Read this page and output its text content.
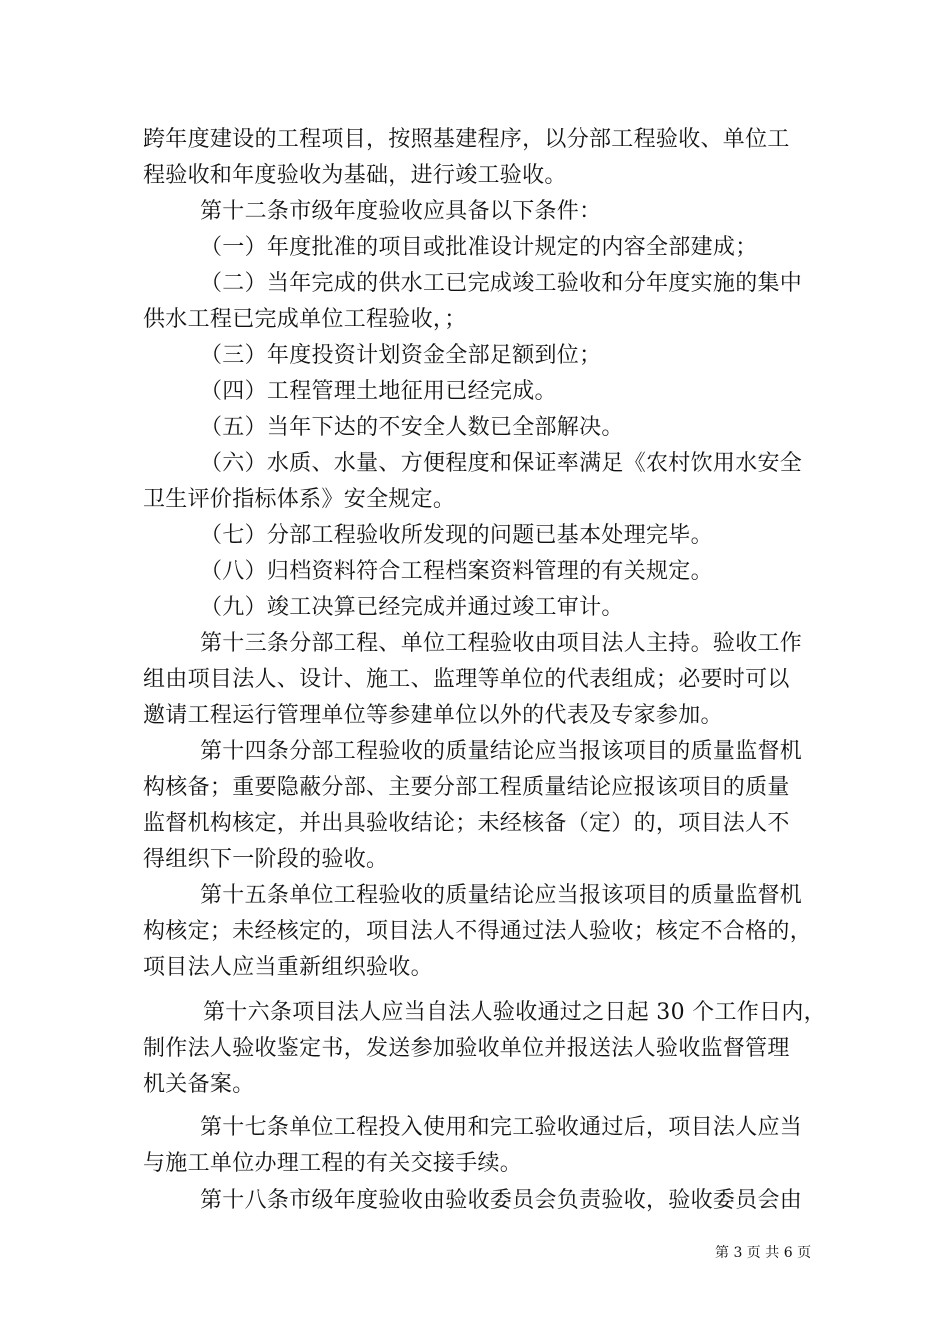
跨年度建设的工程项目，按照基建程序，以分部工程验收、单位工
程验收和年度验收为基础，进行竣工验收。
第十二条市级年度验收应具备以下条件：
（一）年度批准的项目或批准设计规定的内容全部建成；
（二）当年完成的供水工已完成竣工验收和分年度实施的集中
供水工程已完成单位工程验收，；
（三）年度投资计划资金全部足额到位；
（四）工程管理土地征用已经完成。
（五）当年下达的不安全人数已全部解决。
（六）水质、水量、方便程度和保证率满足《农村饮用水安全
卫生评价指标体系》安全规定。
（七）分部工程验收所发现的问题已基本处理完毕。
（八）归档资料符合工程档案资料管理的有关规定。
（九）竣工决算已经完成并通过竣工审计。
第十三条分部工程、单位工程验收由项目法人主持。验收工作
组由项目法人、设计、施工、监理等单位的代表组成；必要时可以
邀请工程运行管理单位等参建单位以外的代表及专家参加。
第十四条分部工程验收的质量结论应当报该项目的质量监督机
构核备；重要隐蔽分部、主要分部工程质量结论应报该项目的质量
监督机构核定，并出具验收结论；未经核备（定）的，项目法人不
得组织下一阶段的验收。
第十五条单位工程验收的质量结论应当报该项目的质量监督机
构核定；未经核定的，项目法人不得通过法人验收；核定不合格的，
项目法人应当重新组织验收。
第十六条项目法人应当自法人验收通过之日起 30 个工作日内，
制作法人验收鉴定书，发送参加验收单位并报送法人验收监督管理
机关备案。
第十七条单位工程投入使用和完工验收通过后，项目法人应当
与施工单位办理工程的有关交接手续。
第十八条市级年度验收由验收委员会负责验收，验收委员会由
第 3 页 共 6 页
